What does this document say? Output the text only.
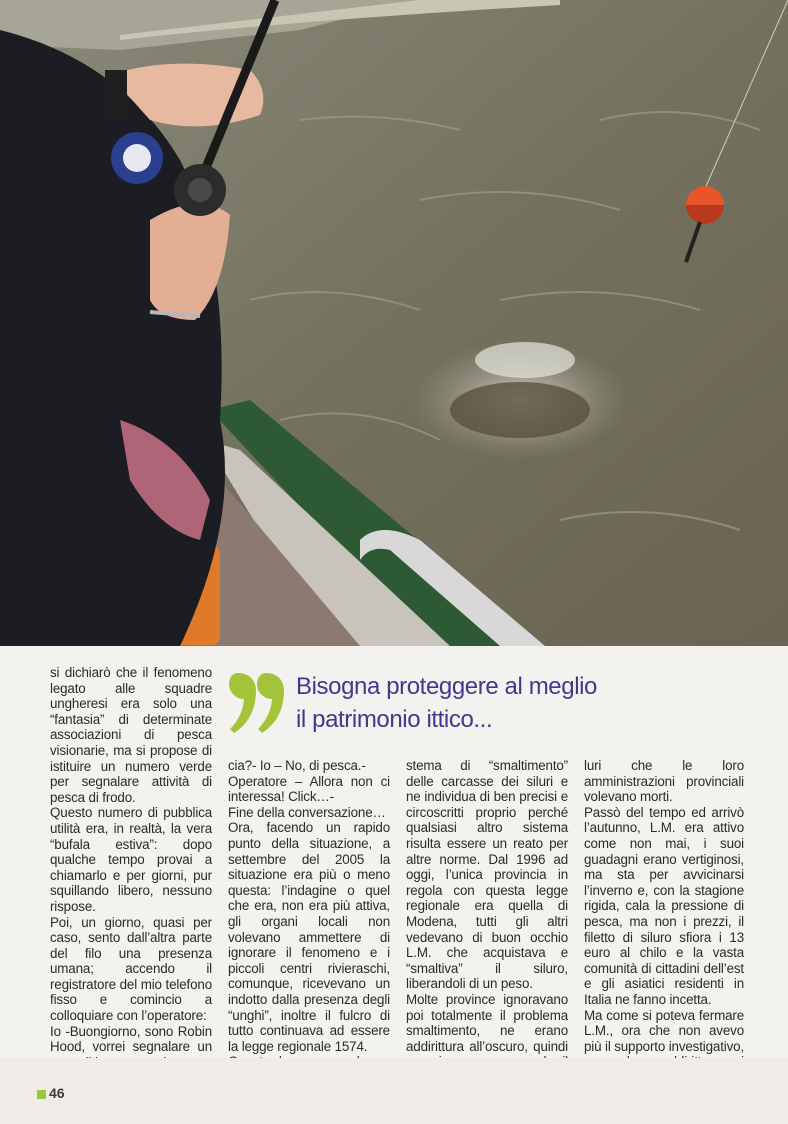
Bisogna proteggere al meglio
il patrimonio ittico...

si dichiarò che il fenomeno legato alle squadre ungheresi era solo una “fantasia” di determinate associazioni di pesca visionarie, ma si propose di istituire un numero verde per segnalare attività di pesca di frodo.

Questo numero di pubblica utilità era, in realtà, la vera “bufala estiva”: dopo qualche tempo provai a chiamarlo e per giorni, pur squillando libero, nessuno rispose.

Poi, un giorno, quasi per caso, sento dall’altra parte del filo una presenza umana; accendo il registratore del mio telefono fisso e comincio a colloquiare con l’operatore:

Io -Buongiorno, sono Robin Hood, vorrei segnalare un

cia?- Io – No, di pesca.-

Operatore – Allora non ci interessa! Click…-

Fine della conversazione…

Ora, facendo un rapido punto della situazione, a settembre del 2005 la situazione era più o meno questa: l’indagine o quel che era, non era più attiva, gli organi locali non volevano ammettere di ignorare il fenomeno e i piccoli centri rivieraschi, comunque, ricevevano un indotto dalla presenza degli “unghi”, inoltre il fulcro di tutto continuava ad essere la legge regionale 1574.

stema di “smaltimento” delle carcasse dei siluri e ne individua di ben precisi e circoscritti proprio perché qualsiasi altro sistema risulta essere un reato per altre norme. Dal 1996 ad oggi, l’unica provincia in regola con questa legge regionale era quella di Modena, tutti gli altri vedevano di buon occhio L.M. che acquistava e “smaltiva” il siluro, liberandoli di un peso.

Molte province ignoravano poi totalmente il problema smaltimento, ne erano addirittura all’oscuro, quindi

luri che le loro amministrazioni provinciali volevano morti.

Passò del tempo ed arrivò l’autunno, L.M. era attivo come non mai, i suoi guadagni erano vertiginosi, ma sta per avvicinarsi l’inverno e, con la stagione rigida, cala la pressione di pesca, ma non i prezzi, il filetto di siluro sfiora i 13 euro al chilo e la vasta comunità di cittadini dell’est e gli asiatici residenti in Italia ne fanno incetta.

Ma come si poteva fermare L.M., ora che non avevo più il supporto investigativo,

46
